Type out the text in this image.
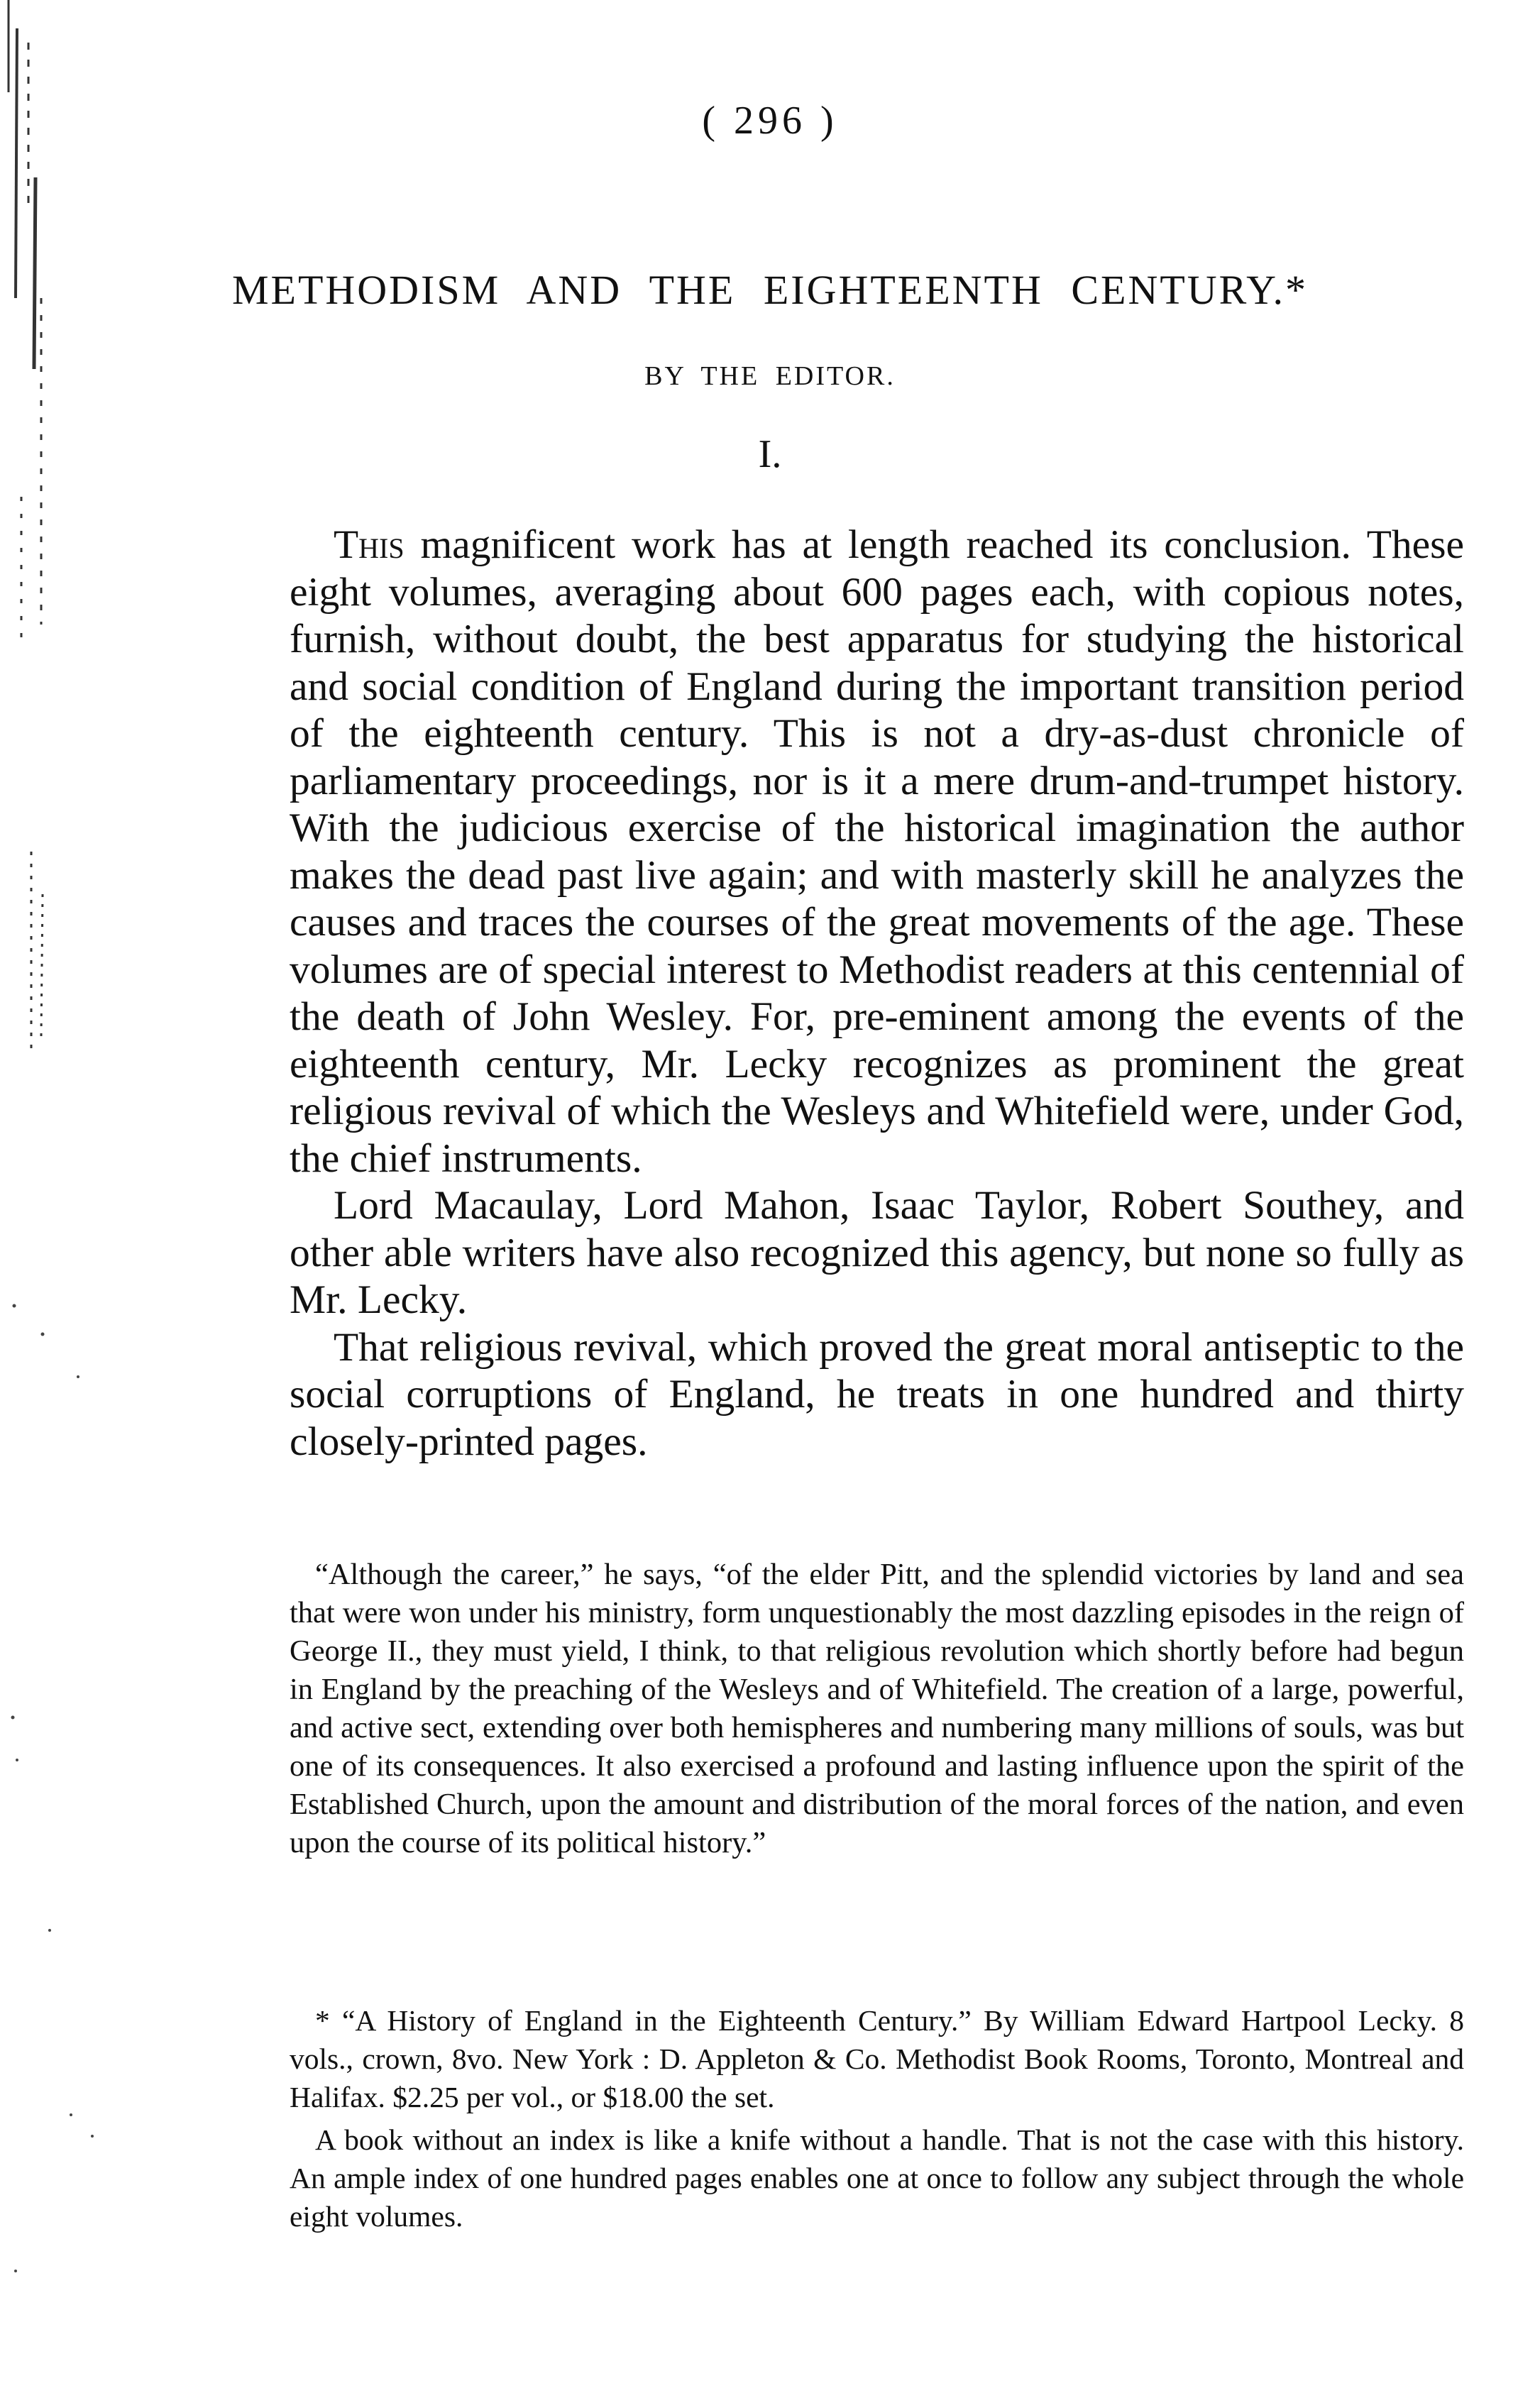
( 296 )
METHODISM AND THE EIGHTEENTH CENTURY.*
BY THE EDITOR.
I.

This magnificent work has at length reached its conclusion. These eight volumes, averaging about 600 pages each, with copious notes, furnish, without doubt, the best apparatus for studying the historical and social condition of England during the important transition period of the eighteenth century. This is not a dry-as-dust chronicle of parliamentary proceedings, nor is it a mere drum-and-trumpet history. With the judicious exercise of the historical imagination the author makes the dead past live again; and with masterly skill he analyzes the causes and traces the courses of the great movements of the age. These volumes are of special interest to Methodist readers at this centennial of the death of John Wesley. For, pre-eminent among the events of the eighteenth century, Mr. Lecky recognizes as prominent the great religious revival of which the Wesleys and Whitefield were, under God, the chief instruments.

Lord Macaulay, Lord Mahon, Isaac Taylor, Robert Southey, and other able writers have also recognized this agency, but none so fully as Mr. Lecky.

That religious revival, which proved the great moral antiseptic to the social corruptions of England, he treats in one hundred and thirty closely-printed pages.

“Although the career,” he says, “of the elder Pitt, and the splendid victories by land and sea that were won under his ministry, form unquestionably the most dazzling episodes in the reign of George II., they must yield, I think, to that religious revolution which shortly before had begun in England by the preaching of the Wesleys and of Whitefield. The creation of a large, powerful, and active sect, extending over both hemispheres and numbering many millions of souls, was but one of its consequences. It also exercised a profound and lasting influence upon the spirit of the Established Church, upon the amount and distribution of the moral forces of the nation, and even upon the course of its political history.”

* “A History of England in the Eighteenth Century.” By William Edward Hartpool Lecky. 8 vols., crown, 8vo. New York : D. Appleton & Co. Methodist Book Rooms, Toronto, Montreal and Halifax. $2.25 per vol., or $18.00 the set.

A book without an index is like a knife without a handle. That is not the case with this history. An ample index of one hundred pages enables one at once to follow any subject through the whole eight volumes.
